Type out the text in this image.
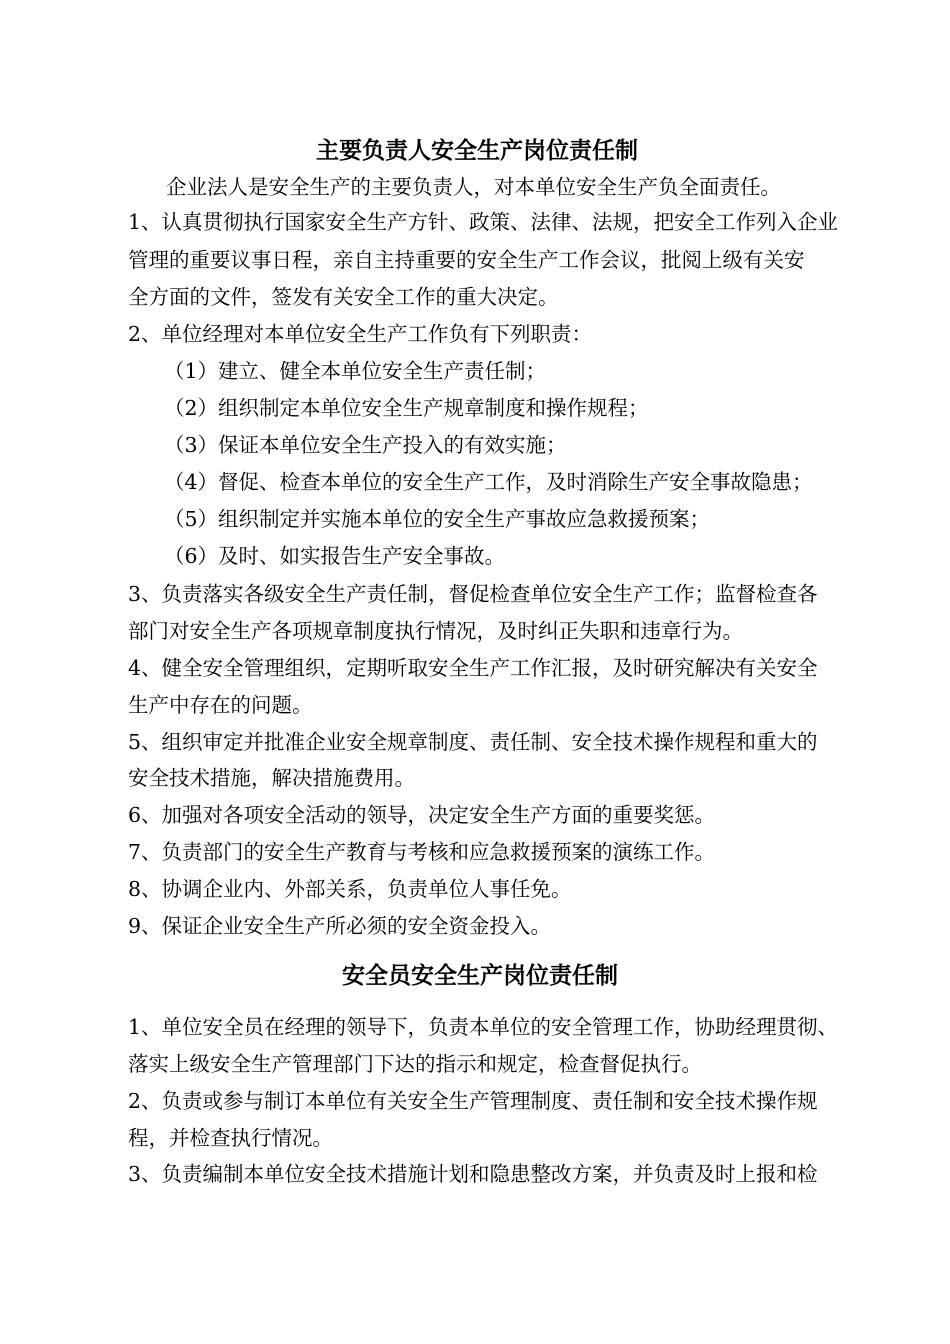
主要负责人安全生产岗位责任制

企业法人是安全生产的主要负责人，对本单位安全生产负全面责任。

1、认真贯彻执行国家安全生产方针、政策、法律、法规，把安全工作列入企业

管理的重要议事日程，亲自主持重要的安全生产工作会议，批阅上级有关安

全方面的文件，签发有关安全工作的重大决定。

2、单位经理对本单位安全生产工作负有下列职责：

（1）建立、健全本单位安全生产责任制；

（2）组织制定本单位安全生产规章制度和操作规程；

（3）保证本单位安全生产投入的有效实施；

（4）督促、检查本单位的安全生产工作，及时消除生产安全事故隐患；

（5）组织制定并实施本单位的安全生产事故应急救援预案；

（6）及时、如实报告生产安全事故。

3、负责落实各级安全生产责任制，督促检查单位安全生产工作；监督检查各

部门对安全生产各项规章制度执行情况，及时纠正失职和违章行为。

4、健全安全管理组织，定期听取安全生产工作汇报，及时研究解决有关安全

生产中存在的问题。

5、组织审定并批准企业安全规章制度、责任制、安全技术操作规程和重大的

安全技术措施，解决措施费用。

6、加强对各项安全活动的领导，决定安全生产方面的重要奖惩。

7、负责部门的安全生产教育与考核和应急救援预案的演练工作。

8、协调企业内、外部关系，负责单位人事任免。

9、保证企业安全生产所必须的安全资金投入。

安全员安全生产岗位责任制

1、单位安全员在经理的领导下，负责本单位的安全管理工作，协助经理贯彻、

落实上级安全生产管理部门下达的指示和规定，检查督促执行。

2、负责或参与制订本单位有关安全生产管理制度、责任制和安全技术操作规

程，并检查执行情况。

3、负责编制本单位安全技术措施计划和隐患整改方案，并负责及时上报和检
